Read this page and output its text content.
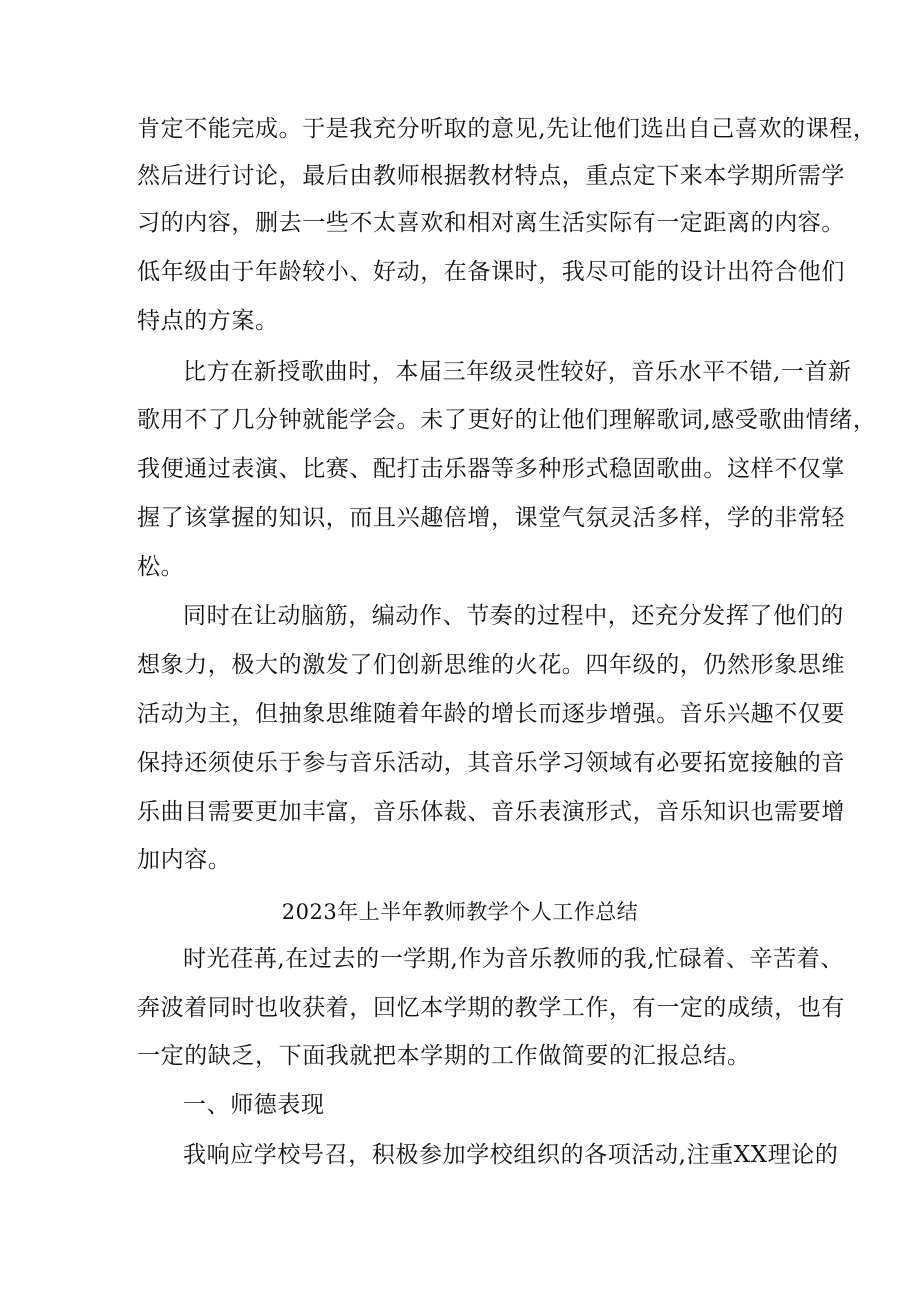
肯定不能完成。于是我充分听取的意见,先让他们选出自己喜欢的课程，
然后进行讨论，最后由教师根据教材特点，重点定下来本学期所需学
习的内容，删去一些不太喜欢和相对离生活实际有一定距离的内容。
低年级由于年龄较小、好动，在备课时，我尽可能的设计出符合他们
特点的方案。
比方在新授歌曲时，本届三年级灵性较好，音乐水平不错,一首新
歌用不了几分钟就能学会。未了更好的让他们理解歌词,感受歌曲情绪，
我便通过表演、比赛、配打击乐器等多种形式稳固歌曲。这样不仅掌
握了该掌握的知识，而且兴趣倍增，课堂气氛灵活多样，学的非常轻
松。
同时在让动脑筋，编动作、节奏的过程中，还充分发挥了他们的
想象力，极大的激发了们创新思维的火花。四年级的，仍然形象思维
活动为主，但抽象思维随着年龄的增长而逐步增强。音乐兴趣不仅要
保持还须使乐于参与音乐活动，其音乐学习领域有必要拓宽接触的音
乐曲目需要更加丰富，音乐体裁、音乐表演形式，音乐知识也需要增
加内容。
2023年上半年教师教学个人工作总结
时光荏苒,在过去的一学期,作为音乐教师的我,忙碌着、辛苦着、
奔波着同时也收获着，回忆本学期的教学工作，有一定的成绩，也有
一定的缺乏，下面我就把本学期的工作做简要的汇报总结。
一、师德表现
我响应学校号召，积极参加学校组织的各项活动,注重XX理论的
